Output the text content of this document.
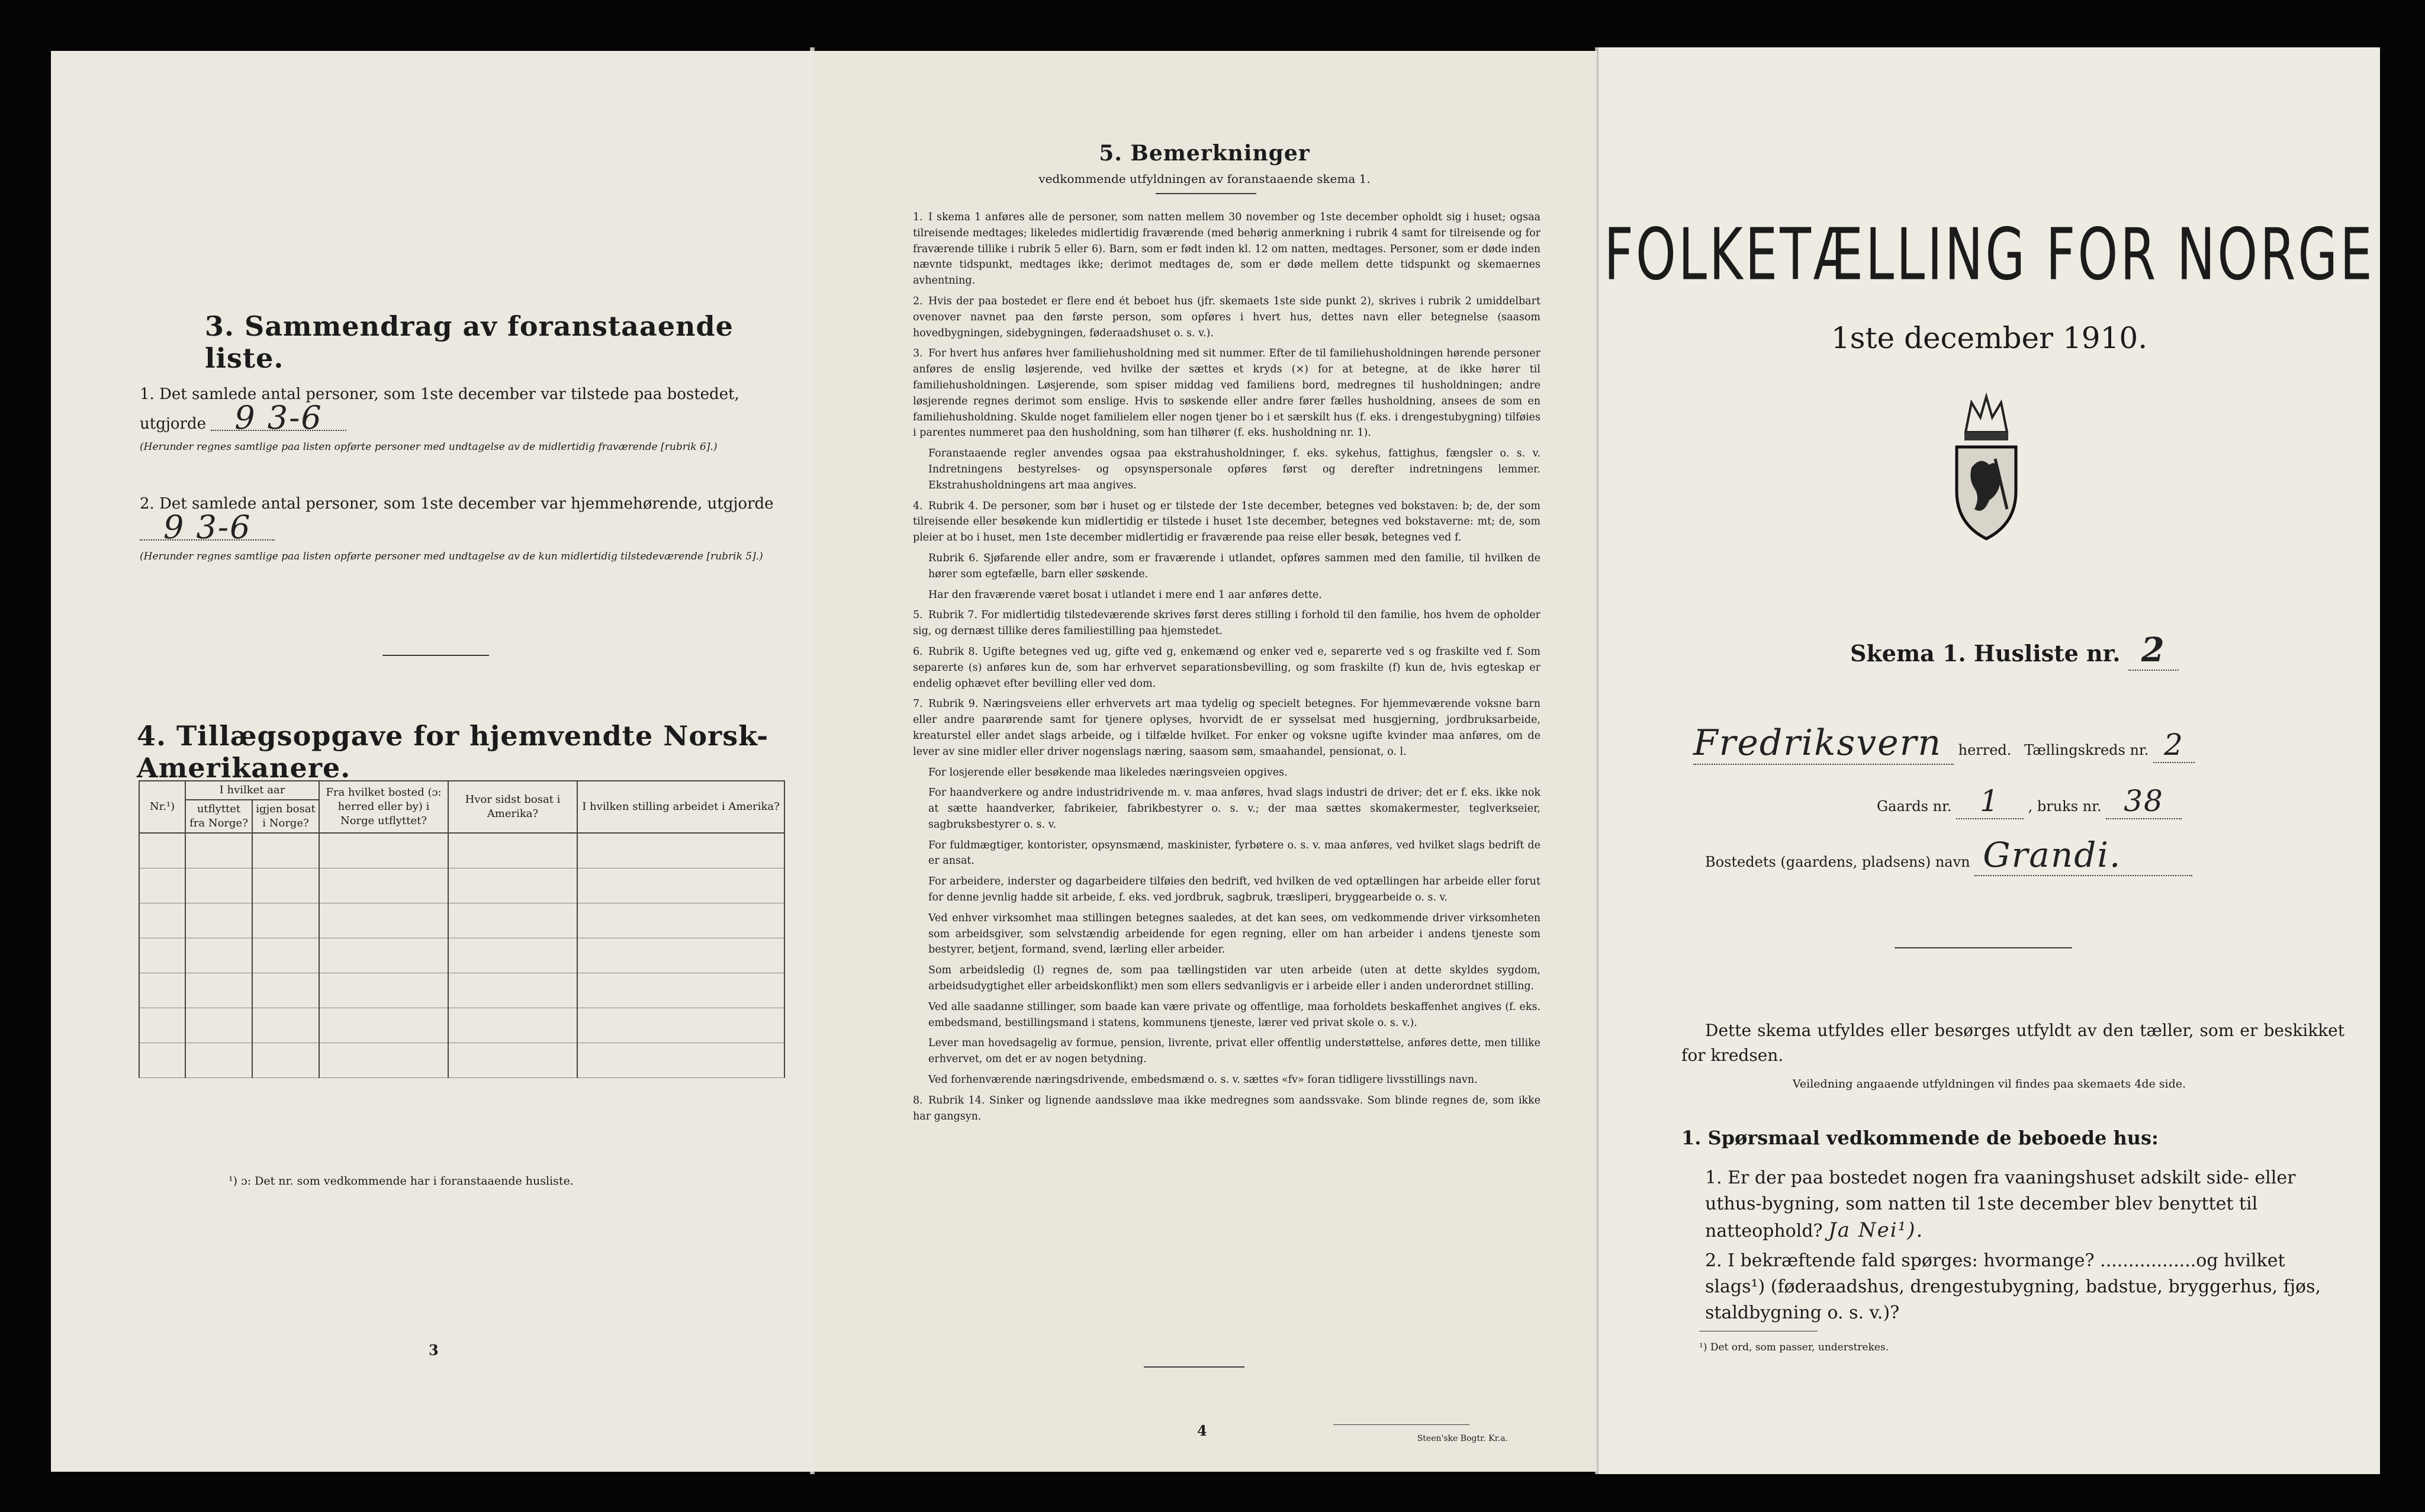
3. Sammendrag av foranstaaende liste.
1. Det samlede antal personer, som 1ste december var tilstede paa bostedet, utgjorde 9 3-6
(Herunder regnes samtlige paa listen opførte personer med undtagelse av de midlertidig fraværende [rubrik 6].)
2. Det samlede antal personer, som 1ste december var hjemmehørende, utgjorde 9 3-6
(Herunder regnes samtlige paa listen opførte personer med undtagelse av de kun midlertidig tilstedeværende [rubrik 5].)
4. Tillægsopgave for hjemvendte Norsk-Amerikanere.
Nr.¹)	I hvilket aar		Fra hvilket bosted (ɔ: herred eller by) i Norge utflyttet?	Hvor sidst bosat i Amerika?	I hvilken stilling arbeidet i Amerika?
	utflyttet fra Norge?	igjen bosat i Norge?			

¹) ɔ: Det nr. som vedkommende har i foranstaaende husliste.
3
5. Bemerkninger
vedkommende utfyldningen av foranstaaende skema 1.

1. I skema 1 anføres alle de personer, som natten mellem 30 november og 1ste december opholdt sig i huset; ogsaa tilreisende medtages; likeledes midlertidig fraværende (med behørig anmerkning i rubrik 4 samt for tilreisende og for fraværende tillike i rubrik 5 eller 6). Barn, som er født inden kl. 12 om natten, medtages. Personer, som er døde inden nævnte tidspunkt, medtages ikke; derimot medtages de, som er døde mellem dette tidspunkt og skemaernes avhentning.

2. Hvis der paa bostedet er flere end ét beboet hus (jfr. skemaets 1ste side punkt 2), skrives i rubrik 2 umiddelbart ovenover navnet paa den første person, som opføres i hvert hus, dettes navn eller betegnelse (saasom hovedbygningen, sidebygningen, føderaadshuset o. s. v.).

3. For hvert hus anføres hver familiehusholdning med sit nummer. Efter de til familiehusholdningen hørende personer anføres de enslig løsjerende, ved hvilke der sættes et kryds (×) for at betegne, at de ikke hører til familiehusholdningen. Løsjerende, som spiser middag ved familiens bord, medregnes til husholdningen; andre løsjerende regnes derimot som enslige. Hvis to søskende eller andre fører fælles husholdning, ansees de som en familiehusholdning. Skulde noget familielem eller nogen tjener bo i et særskilt hus (f. eks. i drengestubygning) tilføies i parentes nummeret paa den husholdning, som han tilhører (f. eks. husholdning nr. 1).

Foranstaaende regler anvendes ogsaa paa ekstrahusholdninger, f. eks. sykehus, fattighus, fængsler o. s. v. Indretningens bestyrelses- og opsynspersonale opføres først og derefter indretningens lemmer. Ekstrahusholdningens art maa angives.

4. Rubrik 4. De personer, som bør i huset og er tilstede der 1ste december, betegnes ved bokstaven: b; de, der som tilreisende eller besøkende kun midlertidig er tilstede i huset 1ste december, betegnes ved bokstaverne: mt; de, som pleier at bo i huset, men 1ste december midlertidig er fraværende paa reise eller besøk, betegnes ved f.

Rubrik 6. Sjøfarende eller andre, som er fraværende i utlandet, opføres sammen med den familie, til hvilken de hører som egtefælle, barn eller søskende.

Har den fraværende været bosat i utlandet i mere end 1 aar anføres dette.

5. Rubrik 7. For midlertidig tilstedeværende skrives først deres stilling i forhold til den familie, hos hvem de opholder sig, og dernæst tillike deres familiestilling paa hjemstedet.

6. Rubrik 8. Ugifte betegnes ved ug, gifte ved g, enkemænd og enker ved e, separerte ved s og fraskilte ved f. Som separerte (s) anføres kun de, som har erhvervet separationsbevilling, og som fraskilte (f) kun de, hvis egteskap er endelig ophævet efter bevilling eller ved dom.

7. Rubrik 9. Næringsveiens eller erhvervets art maa tydelig og specielt betegnes. For hjemmeværende voksne barn eller andre paarørende samt for tjenere oplyses, hvorvidt de er sysselsat med husgjerning, jordbruksarbeide, kreaturstel eller andet slags arbeide, og i tilfælde hvilket. For enker og voksne ugifte kvinder maa anføres, om de lever av sine midler eller driver nogenslags næring, saasom søm, smaahandel, pensionat, o. l.

For losjerende eller besøkende maa likeledes næringsveien opgives.

For haandverkere og andre industridrivende m. v. maa anføres, hvad slags industri de driver; det er f. eks. ikke nok at sætte haandverker, fabrikeier, fabrikbestyrer o. s. v.; der maa sættes skomakermester, teglverkseier, sagbruksbestyrer o. s. v.

For fuldmægtiger, kontorister, opsynsmænd, maskinister, fyrbøtere o. s. v. maa anføres, ved hvilket slags bedrift de er ansat.

For arbeidere, inderster og dagarbeidere tilføies den bedrift, ved hvilken de ved optællingen har arbeide eller forut for denne jevnlig hadde sit arbeide, f. eks. ved jordbruk, sagbruk, træsliperi, bryggearbeide o. s. v.

Ved enhver virksomhet maa stillingen betegnes saaledes, at det kan sees, om vedkommende driver virksomheten som arbeidsgiver, som selvstændig arbeidende for egen regning, eller om han arbeider i andens tjeneste som bestyrer, betjent, formand, svend, lærling eller arbeider.

Som arbeidsledig (l) regnes de, som paa tællingstiden var uten arbeide (uten at dette skyldes sygdom, arbeidsudygtighet eller arbeidskonflikt) men som ellers sedvanligvis er i arbeide eller i anden underordnet stilling.

Ved alle saadanne stillinger, som baade kan være private og offentlige, maa forholdets beskaffenhet angives (f. eks. embedsmand, bestillingsmand i statens, kommunens tjeneste, lærer ved privat skole o. s. v.).

Lever man hovedsagelig av formue, pension, livrente, privat eller offentlig understøttelse, anføres dette, men tillike erhvervet, om det er av nogen betydning.

Ved forhenværende næringsdrivende, embedsmænd o. s. v. sættes «fv» foran tidligere livsstillings navn.

8. Rubrik 14. Sinker og lignende aandssløve maa ikke medregnes som aandssvake. Som blinde regnes de, som ikke har gangsyn.

4	Steen'ske Bogtr. Kr.a.
FOLKETÆLLING FOR NORGE
1ste december 1910.
Skema 1. Husliste nr. 2
Fredriksvern herred. Tællingskreds nr. 2
Gaards nr. 1 , bruks nr. 38
Bostedets (gaardens, pladsens) navn Grandi.
Dette skema utfyldes eller besørges utfyldt av den tæller, som er beskikket for kredsen.
Veiledning angaaende utfyldningen vil findes paa skemaets 4de side.
1. Spørsmaal vedkommende de beboede hus:
1. Er der paa bostedet nogen fra vaaningshuset adskilt side- eller uthus-bygning, som natten til 1ste december blev benyttet til natteophold? Ja Nei¹).
2. I bekræftende fald spørges: hvormange? .................og hvilket slags¹) (føderaadshus, drengestubygning, badstue, bryggerhus, fjøs, staldbygning o. s. v.)?
¹) Det ord, som passer, understrekes.
